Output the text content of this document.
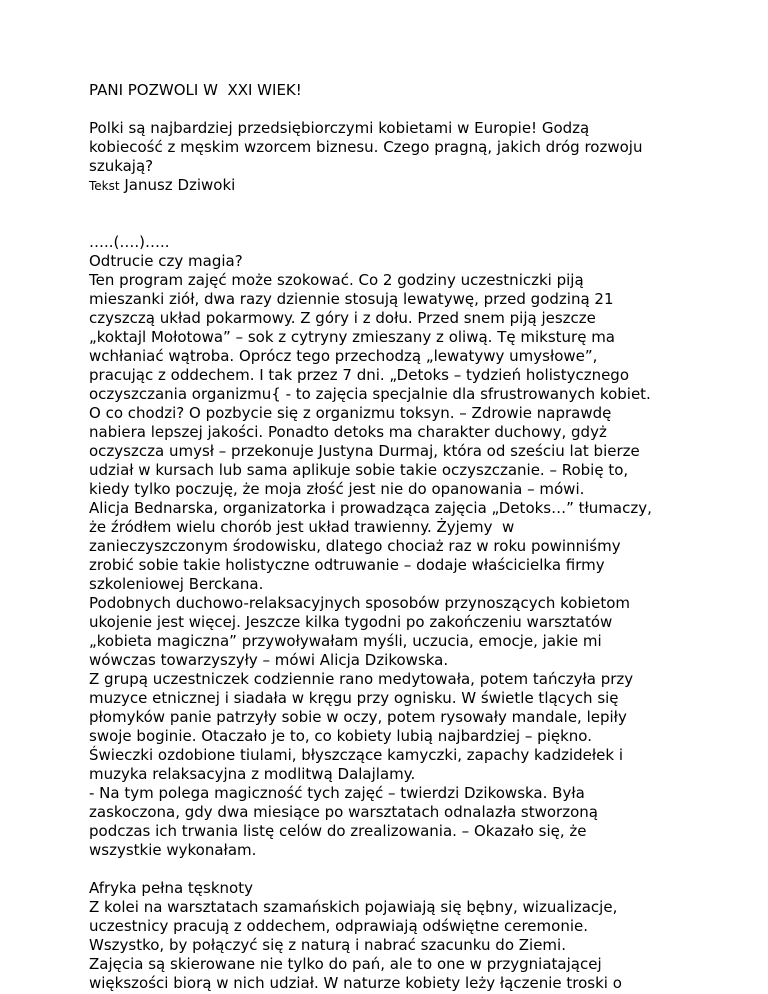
PANI POZWOLI W  XXI WIEK!
Polki są najbardziej przedsiębiorczymi kobietami w Europie! Godzą
kobiecość z męskim wzorcem biznesu. Czego pragną, jakich dróg rozwoju
szukają?
Tekst Janusz Dziwoki
…..(….)…..
Odtrucie czy magia?
Ten program zajęć może szokować. Co 2 godziny uczestniczki piją
mieszanki ziół, dwa razy dziennie stosują lewatywę, przed godziną 21
czyszczą układ pokarmowy. Z góry i z dołu. Przed snem piją jeszcze
„koktajl Mołotowa” – sok z cytryny zmieszany z oliwą. Tę miksturę ma
wchłaniać wątroba. Oprócz tego przechodzą „lewatywy umysłowe”,
pracując z oddechem. I tak przez 7 dni. „Detoks – tydzień holistycznego
oczyszczania organizmu{ - to zajęcia specjalnie dla sfrustrowanych kobiet.
O co chodzi? O pozbycie się z organizmu toksyn. – Zdrowie naprawdę
nabiera lepszej jakości. Ponadto detoks ma charakter duchowy, gdyż
oczyszcza umysł – przekonuje Justyna Durmaj, która od sześciu lat bierze
udział w kursach lub sama aplikuje sobie takie oczyszczanie. – Robię to,
kiedy tylko poczuję, że moja złość jest nie do opanowania – mówi.
Alicja Bednarska, organizatorka i prowadząca zajęcia „Detoks…” tłumaczy,
że źródłem wielu chorób jest układ trawienny. Żyjemy  w
zanieczyszczonym środowisku, dlatego chociaż raz w roku powinniśmy
zrobić sobie takie holistyczne odtruwanie – dodaje właścicielka firmy
szkoleniowej Berckana.
Podobnych duchowo-relaksacyjnych sposobów przynoszących kobietom
ukojenie jest więcej. Jeszcze kilka tygodni po zakończeniu warsztatów
„kobieta magiczna” przywoływałam myśli, uczucia, emocje, jakie mi
wówczas towarzyszyły – mówi Alicja Dzikowska.
Z grupą uczestniczek codziennie rano medytowała, potem tańczyła przy
muzyce etnicznej i siadała w kręgu przy ognisku. W świetle tlących się
płomyków panie patrzyły sobie w oczy, potem rysowały mandale, lepiły
swoje boginie. Otaczało je to, co kobiety lubią najbardziej – piękno.
Świeczki ozdobione tiulami, błyszczące kamyczki, zapachy kadzidełek i
muzyka relaksacyjna z modlitwą Dalajlamy.
- Na tym polega magiczność tych zajęć – twierdzi Dzikowska. Była
zaskoczona, gdy dwa miesiące po warsztatach odnalazła stworzoną
podczas ich trwania listę celów do zrealizowania. – Okazało się, że
wszystkie wykonałam.
Afryka pełna tęsknoty
Z kolei na warsztatach szamańskich pojawiają się bębny, wizualizacje,
uczestnicy pracują z oddechem, odprawiają odświętne ceremonie.
Wszystko, by połączyć się z naturą i nabrać szacunku do Ziemi.
Zajęcia są skierowane nie tylko do pań, ale to one w przygniatającej
większości biorą w nich udział. W naturze kobiety leży łączenie troski o
